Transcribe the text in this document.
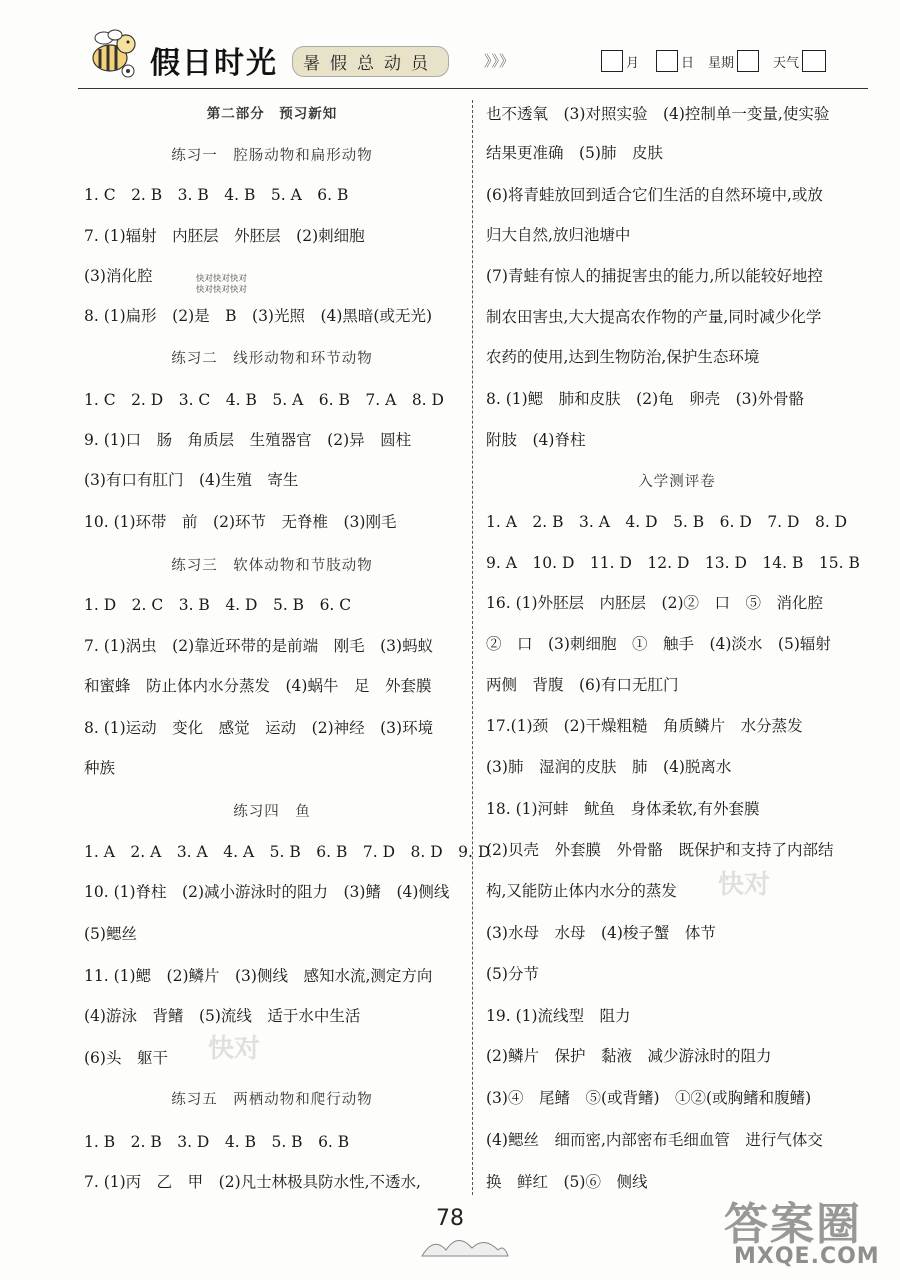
假日时光	暑假总动员	》》》	月	日 星期	天气
第二部分　预习新知
练习一　腔肠动物和扁形动物
1. C　2. B　3. B　4. B　5. A　6. B
7. (1)辐射　内胚层　外胚层　(2)刺细胞
(3)消化腔
8. (1)扁形　(2)是　B　(3)光照　(4)黑暗(或无光)
练习二　线形动物和环节动物
1. C　2. D　3. C　4. B　5. A　6. B　7. A　8. D
9. (1)口　肠　角质层　生殖器官　(2)异　圆柱
(3)有口有肛门　(4)生殖　寄生
10. (1)环带　前　(2)环节　无脊椎　(3)刚毛
练习三　软体动物和节肢动物
1. D　2. C　3. B　4. D　5. B　6. C
7. (1)涡虫　(2)靠近环带的是前端　刚毛　(3)蚂蚁
和蜜蜂　防止体内水分蒸发　(4)蜗牛　足　外套膜
8. (1)运动　变化　感觉　运动　(2)神经　(3)环境
种族
练习四　鱼
1. A　2. A　3. A　4. A　5. B　6. B　7. D　8. D　9. D
10. (1)脊柱　(2)减小游泳时的阻力　(3)鳍　(4)侧线
(5)鳃丝
11. (1)鳃　(2)鳞片　(3)侧线　感知水流,测定方向
(4)游泳　背鳍　(5)流线　适于水中生活
(6)头　躯干
练习五　两栖动物和爬行动物
1. B　2. B　3. D　4. B　5. B　6. B
7. (1)丙　乙　甲　(2)凡士林极具防水性,不透水,
也不透氧　(3)对照实验　(4)控制单一变量,使实验
结果更准确　(5)肺　皮肤
(6)将青蛙放回到适合它们生活的自然环境中,或放
归大自然,放归池塘中
(7)青蛙有惊人的捕捉害虫的能力,所以能较好地控
制农田害虫,大大提高农作物的产量,同时减少化学
农药的使用,达到生物防治,保护生态环境
8. (1)鳃　肺和皮肤　(2)龟　卵壳　(3)外骨骼
附肢　(4)脊柱
入学测评卷
1. A　2. B　3. A　4. D　5. B　6. D　7. D　8. D
9. A　10. D　11. D　12. D　13. D　14. B　15. B
16. (1)外胚层　内胚层　(2)②　口　⑤　消化腔
②　口　(3)刺细胞　①　触手　(4)淡水　(5)辐射
两侧　背腹　(6)有口无肛门
17.(1)颈　(2)干燥粗糙　角质鳞片　水分蒸发
(3)肺　湿润的皮肤　肺　(4)脱离水
18. (1)河蚌　鱿鱼　身体柔软,有外套膜
(2)贝壳　外套膜　外骨骼　既保护和支持了内部结
构,又能防止体内水分的蒸发
(3)水母　水母　(4)梭子蟹　体节
(5)分节
19. (1)流线型　阻力
(2)鳞片　保护　黏液　减少游泳时的阻力
(3)④　尾鳍　⑤(或背鳍)　①②(或胸鳍和腹鳍)
(4)鳃丝　细而密,内部密布毛细血管　进行气体交
换　鲜红　(5)⑥　侧线
快对快对快对
快对快对快对
快对
快对
78	答案圈
MXQE.COM
